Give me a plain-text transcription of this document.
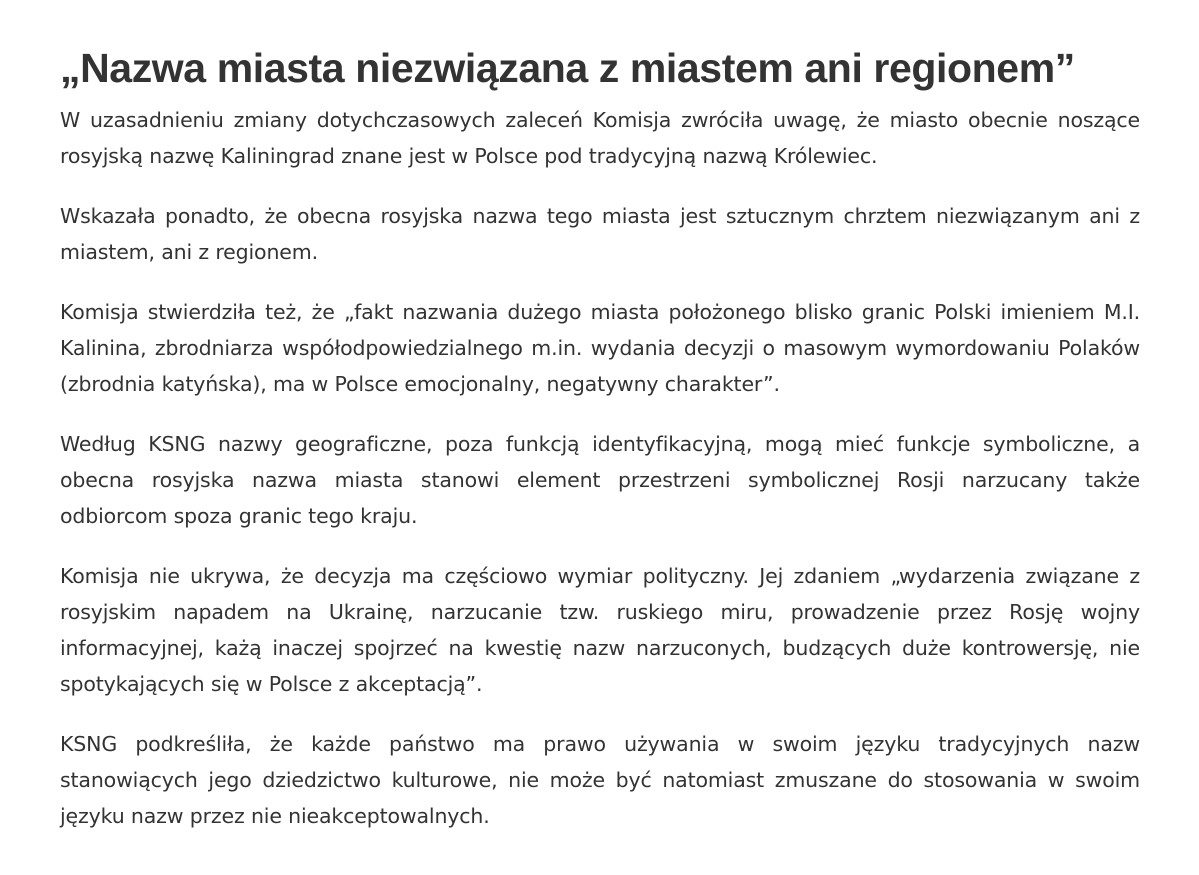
„Nazwa miasta niezwiązana z miastem ani regionem”

W uzasadnieniu zmiany dotychczasowych zaleceń Komisja zwróciła uwagę, że miasto obecnie noszące rosyjską nazwę Kaliningrad znane jest w Polsce pod tradycyjną nazwą Królewiec.

Wskazała ponadto, że obecna rosyjska nazwa tego miasta jest sztucznym chrztem niezwiązanym ani z miastem, ani z regionem.

Komisja stwierdziła też, że „fakt nazwania dużego miasta położonego blisko granic Polski imieniem M.I. Kalinina, zbrodniarza współodpowiedzialnego m.in. wydania decyzji o masowym wymordowaniu Polaków (zbrodnia katyńska), ma w Polsce emocjonalny, negatywny charakter”.

Według KSNG nazwy geograficzne, poza funkcją identyfikacyjną, mogą mieć funkcje symboliczne, a obecna rosyjska nazwa miasta stanowi element przestrzeni symbolicznej Rosji narzucany także odbiorcom spoza granic tego kraju.

Komisja nie ukrywa, że decyzja ma częściowo wymiar polityczny. Jej zdaniem „wydarzenia związane z rosyjskim napadem na Ukrainę, narzucanie tzw. ruskiego miru, prowadzenie przez Rosję wojny informacyjnej, każą inaczej spojrzeć na kwestię nazw narzuconych, budzących duże kontrowersję, nie spotykających się w Polsce z akceptacją”.

KSNG podkreśliła, że każde państwo ma prawo używania w swoim języku tradycyjnych nazw stanowiących jego dziedzictwo kulturowe, nie może być natomiast zmuszane do stosowania w swoim języku nazw przez nie nieakceptowalnych.
